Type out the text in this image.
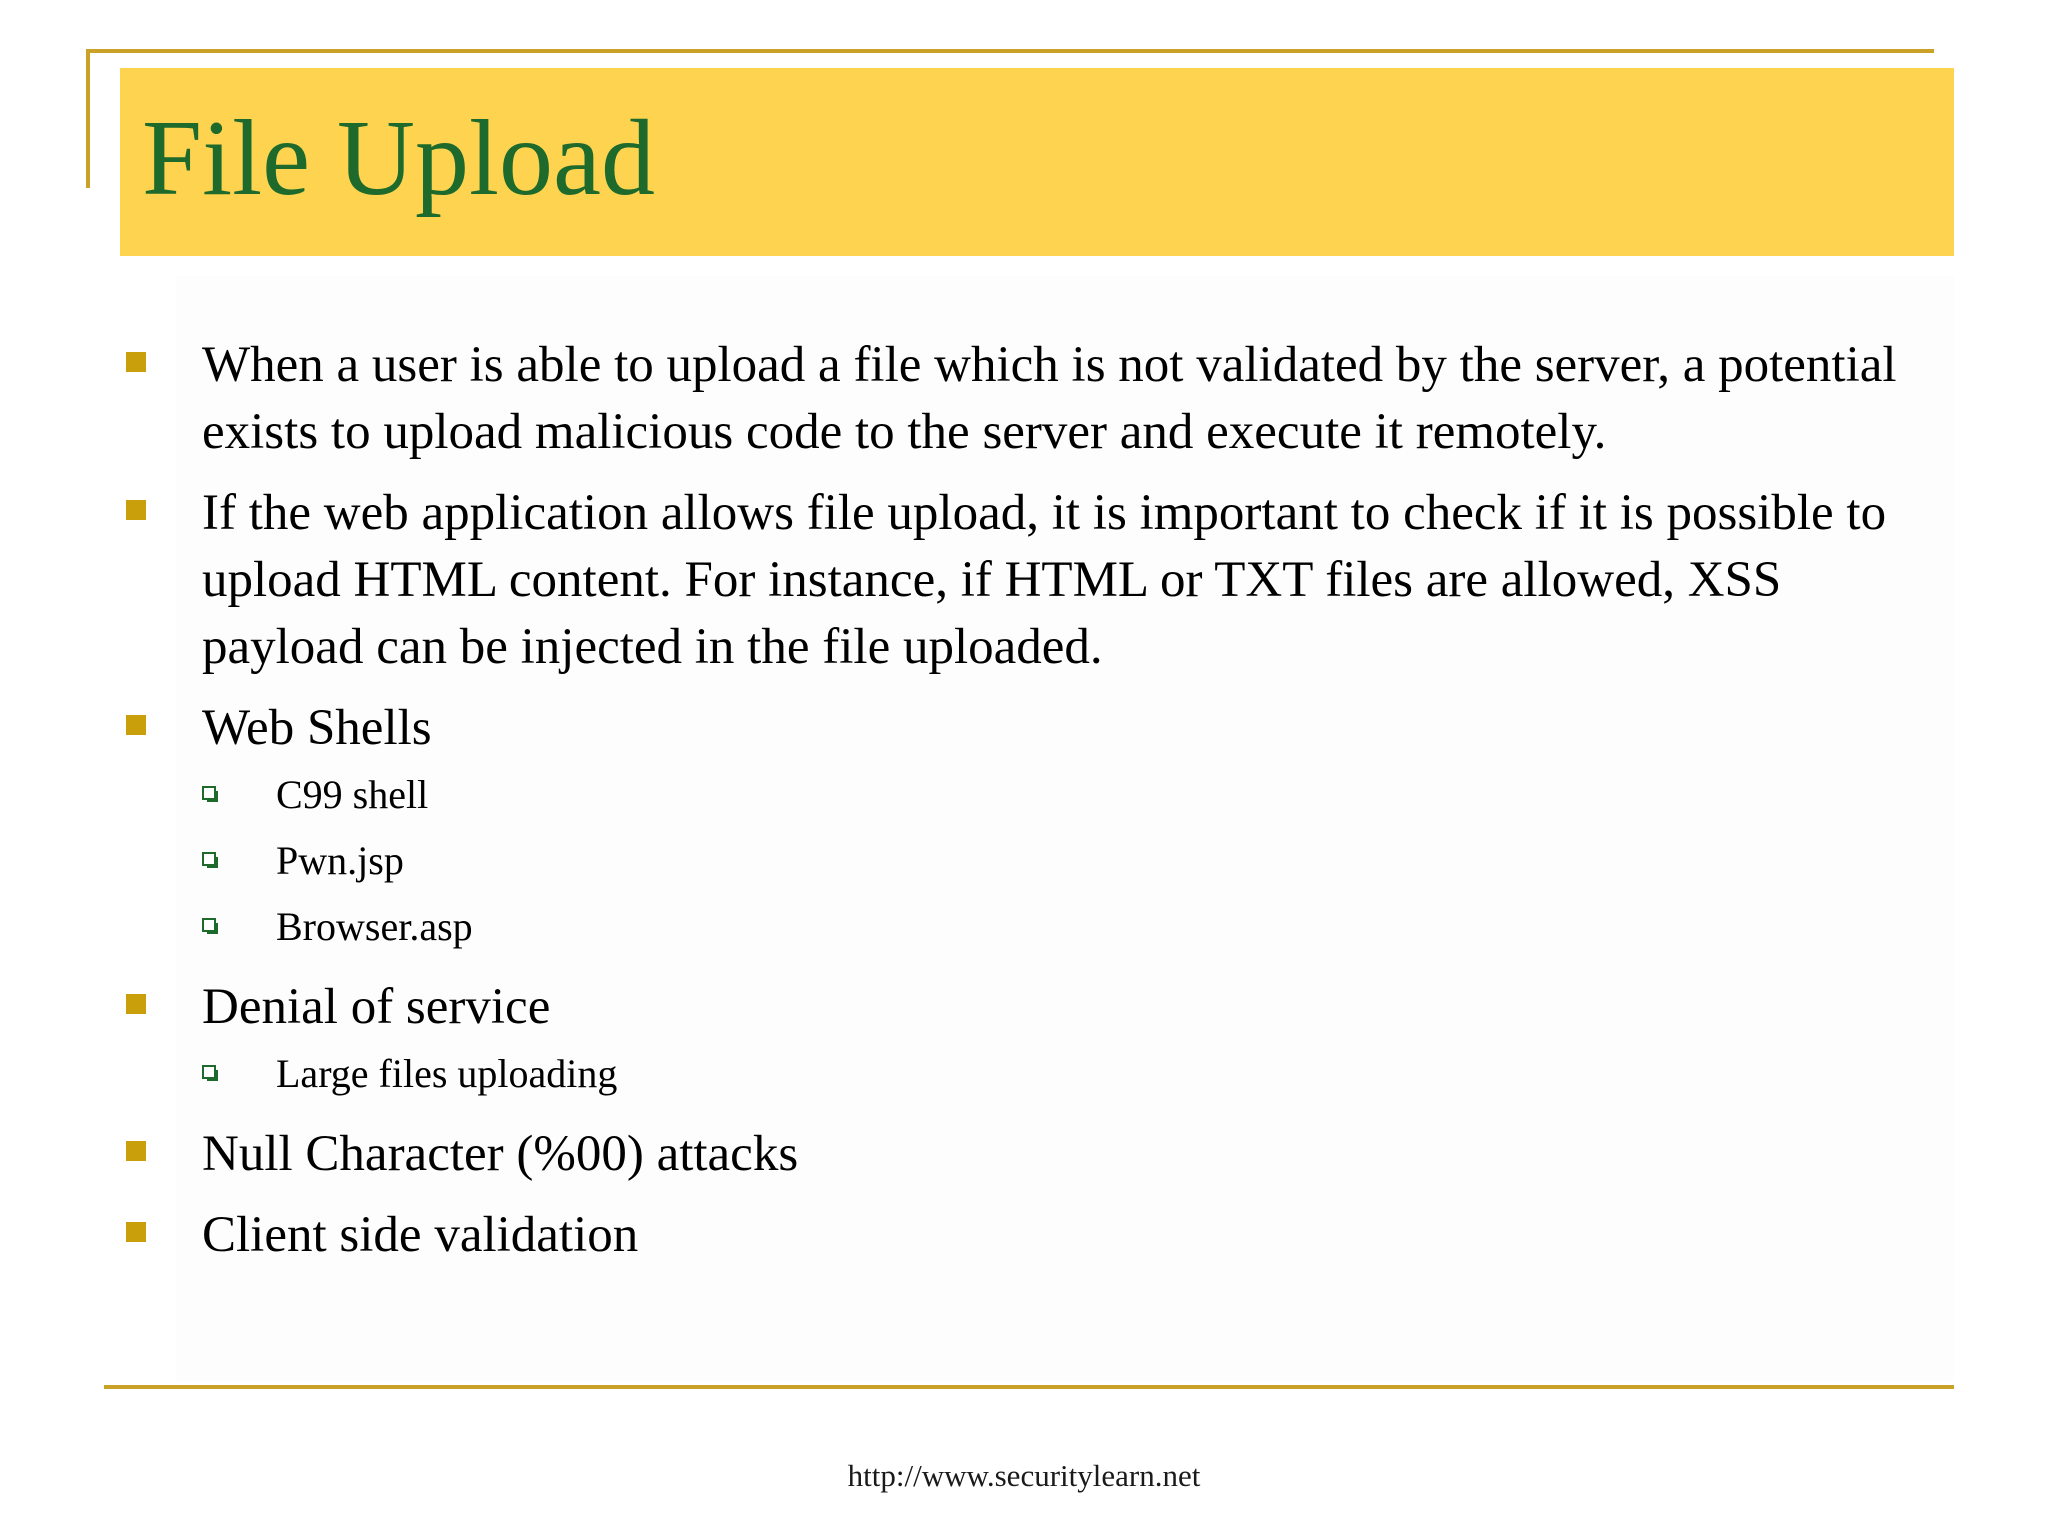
File Upload
When a user is able to upload a file which is not validated by the server, a potential exists to upload malicious code to the server and execute it remotely.
If the web application allows file upload, it is important to check if it is possible to upload HTML content. For instance, if HTML or TXT files are allowed, XSS payload can be injected in the file uploaded.
Web Shells
C99 shell
Pwn.jsp
Browser.asp
Denial of service
Large files uploading
Null Character (%00) attacks
Client side validation
http://www.securitylearn.net
